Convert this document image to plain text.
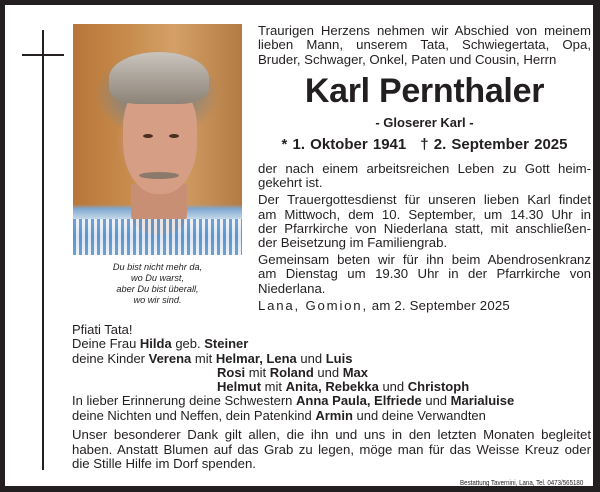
Du bist nicht mehr da,
wo Du warst,
aber Du bist überall,
wo wir sind.
Traurigen Herzens nehmen wir Abschied von meinem
lieben Mann, unserem Tata, Schwiegertata, Opa,
Bruder, Schwager, Onkel, Paten und Cousin, Herrn
Karl Pernthaler
- Gloserer Karl -
* 1. Oktober 1941 † 2. September 2025

der nach einem arbeitsreichen Leben zu Gott heim-
gekehrt ist.

Der Trauergottesdienst für unseren lieben Karl findet
am Mittwoch, dem 10. September, um 14.30 Uhr in
der Pfarrkirche von Niederlana statt, mit anschließen-
der Beisetzung im Familiengrab.

Gemeinsam beten wir für ihn beim Abendrosenkranz
am Dienstag um 19.30 Uhr in der Pfarrkirche von
Niederlana.

Lana, Gomion, am 2. September 2025
Pfiati Tata!
Deine Frau Hilda geb. Steiner
deine Kinder Verena mit Helmar, Lena und Luis
Rosi mit Roland und Max
Helmut mit Anita, Rebekka und Christoph
In lieber Erinnerung deine Schwestern Anna Paula, Elfriede und Marialuise
deine Nichten und Neffen, dein Patenkind Armin und deine Verwandten
Unser besonderer Dank gilt allen, die ihn und uns in den letzten Monaten begleitet
haben. Anstatt Blumen auf das Grab zu legen, möge man für das Weisse Kreuz oder
die Stille Hilfe im Dorf spenden.
Bestattung Tavernini, Lana, Tel. 0473/565180
